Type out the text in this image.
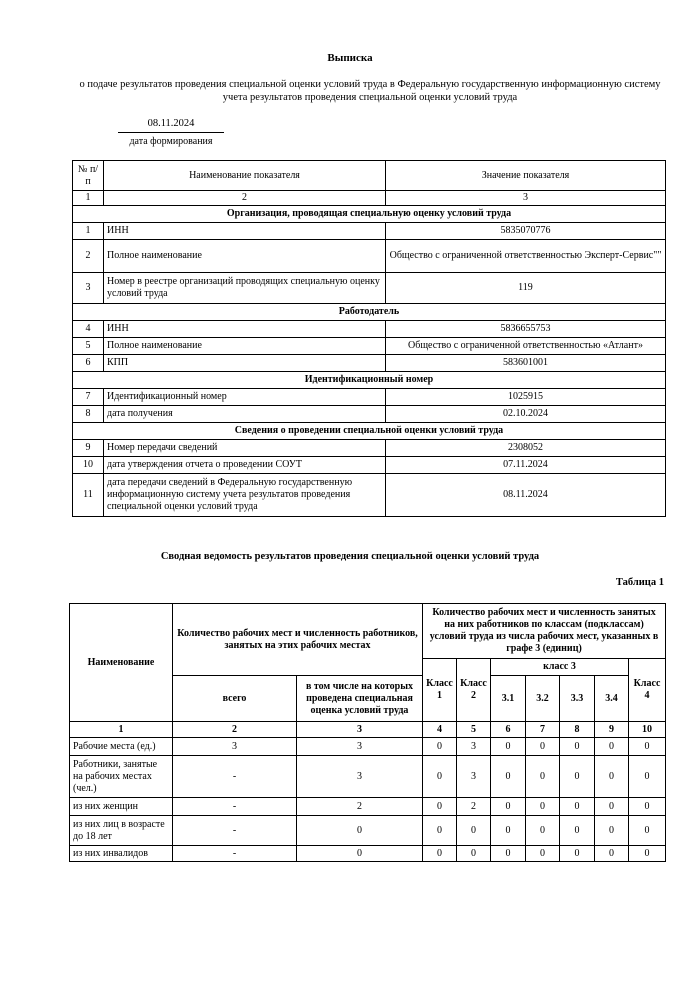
Выписка
о подаче результатов проведения специальной оценки условий труда в Федеральную государственную информационную систему учета результатов проведения специальной оценки условий труда
08.11.2024
дата формирования
№ п/п	Наименование показателя	Значение показателя
1	2	3
Организация, проводящая специальную оценку условий труда		
1	ИНН	5835070776
2	Полное наименование	Общество с ограниченной ответственностью Эксперт-Сервис""
3	Номер в реестре организаций проводящих специальную оценку условий труда	119
Работодатель		
4	ИНН	5836655753
5	Полное наименование	Общество с ограниченной ответственностью «Атлант»
6	КПП	583601001
Идентификационный номер		
7	Идентификационный номер	1025915
8	дата получения	02.10.2024
Сведения о проведении специальной оценки условий труда		
9	Номер передачи сведений	2308052
10	дата утверждения отчета о проведении СОУТ	07.11.2024
11	дата передачи сведений в Федеральную государственную информационную систему учета результатов проведения специальной оценки условий труда	08.11.2024
Сводная ведомость результатов проведения специальной оценки условий труда
Таблица 1
Наименование	Количество рабочих мест и численность работников, занятых на этих рабочих местах		Количество рабочих мест и численность занятых на них работников по классам (подклассам) условий труда из числа рабочих мест, указанных в графе 3 (единиц)						
			Класс 1	Класс 2	класс 3				Класс 4
	всего	в том числе на которых проведена специальная оценка условий труда			3.1	3.2	3.3	3.4	
1	2	3	4	5	6	7	8	9	10
Рабочие места (ед.)	3	3	0	3	0	0	0	0	0
Работники, занятые на рабочих местах (чел.)	-	3	0	3	0	0	0	0	0
из них женщин	-	2	0	2	0	0	0	0	0
из них лиц в возрасте до 18 лет	-	0	0	0	0	0	0	0	0
из них инвалидов	-	0	0	0	0	0	0	0	0
